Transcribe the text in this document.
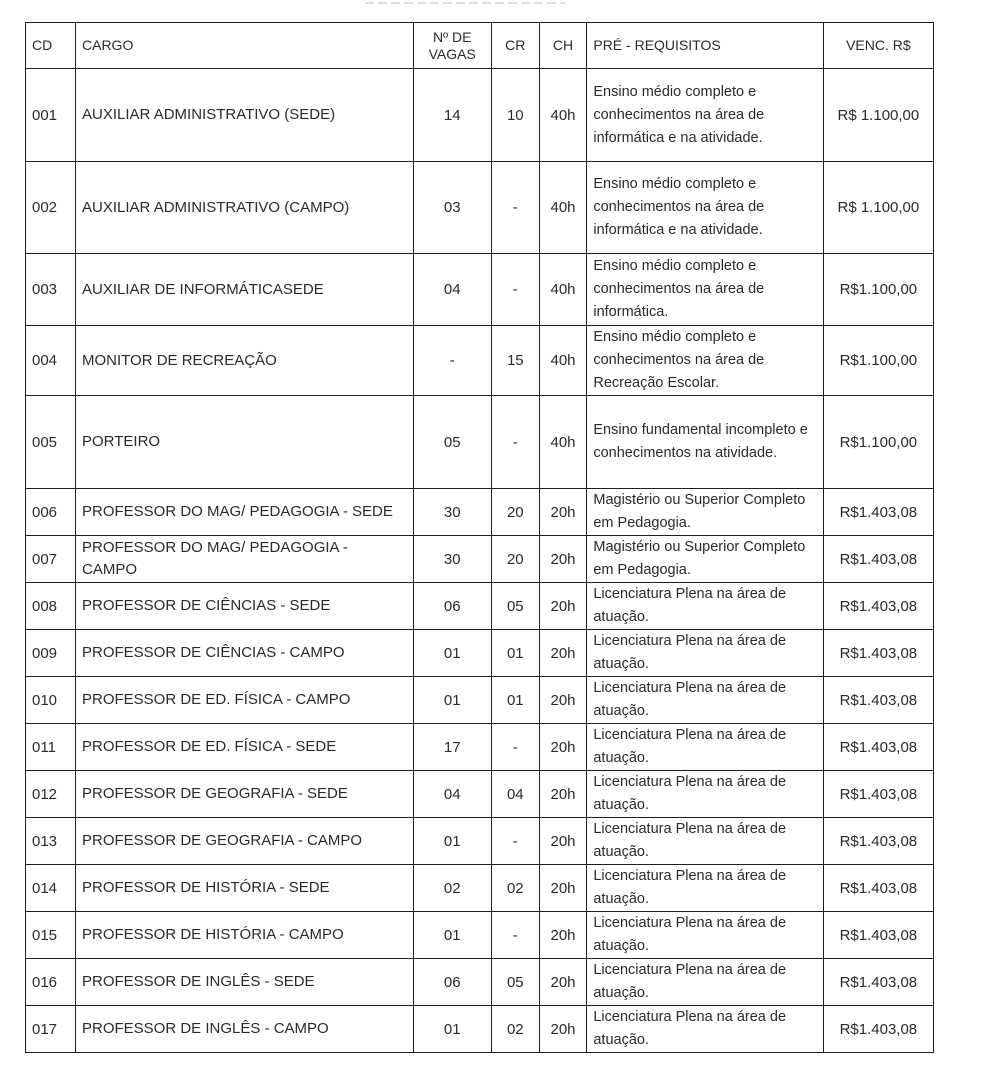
CD	CARGO	Nº DE VAGAS	CR	CH	PRÉ - REQUISITOS	VENC. R$
001	AUXILIAR ADMINISTRATIVO (SEDE)	14	10	40h	Ensino médio completo e conhecimentos na área de informática e na atividade.	R$ 1.100,00
002	AUXILIAR ADMINISTRATIVO (CAMPO)	03	-	40h	Ensino médio completo e conhecimentos na área de informática e na atividade.	R$ 1.100,00
003	AUXILIAR DE INFORMÁTICASEDE	04	-	40h	Ensino médio completo e conhecimentos na área de informática.	R$1.100,00
004	MONITOR DE RECREAÇÃO	-	15	40h	Ensino médio completo e conhecimentos na área de Recreação Escolar.	R$1.100,00
005	PORTEIRO	05	-	40h	Ensino fundamental incompleto e conhecimentos na atividade.	R$1.100,00
006	PROFESSOR DO MAG/ PEDAGOGIA - SEDE	30	20	20h	Magistério ou Superior Completo em Pedagogia.	R$1.403,08
007	PROFESSOR DO MAG/ PEDAGOGIA - CAMPO	30	20	20h	Magistério ou Superior Completo em Pedagogia.	R$1.403,08
008	PROFESSOR DE CIÊNCIAS - SEDE	06	05	20h	Licenciatura Plena na área de atuação.	R$1.403,08
009	PROFESSOR DE CIÊNCIAS - CAMPO	01	01	20h	Licenciatura Plena na área de atuação.	R$1.403,08
010	PROFESSOR DE ED. FÍSICA - CAMPO	01	01	20h	Licenciatura Plena na área de atuação.	R$1.403,08
011	PROFESSOR DE ED. FÍSICA - SEDE	17	-	20h	Licenciatura Plena na área de atuação.	R$1.403,08
012	PROFESSOR DE GEOGRAFIA - SEDE	04	04	20h	Licenciatura Plena na área de atuação.	R$1.403,08
013	PROFESSOR DE GEOGRAFIA - CAMPO	01	-	20h	Licenciatura Plena na área de atuação.	R$1.403,08
014	PROFESSOR DE HISTÓRIA - SEDE	02	02	20h	Licenciatura Plena na área de atuação.	R$1.403,08
015	PROFESSOR DE HISTÓRIA - CAMPO	01	-	20h	Licenciatura Plena na área de atuação.	R$1.403,08
016	PROFESSOR DE INGLÊS - SEDE	06	05	20h	Licenciatura Plena na área de atuação.	R$1.403,08
017	PROFESSOR DE INGLÊS - CAMPO	01	02	20h	Licenciatura Plena na área de atuação.	R$1.403,08
